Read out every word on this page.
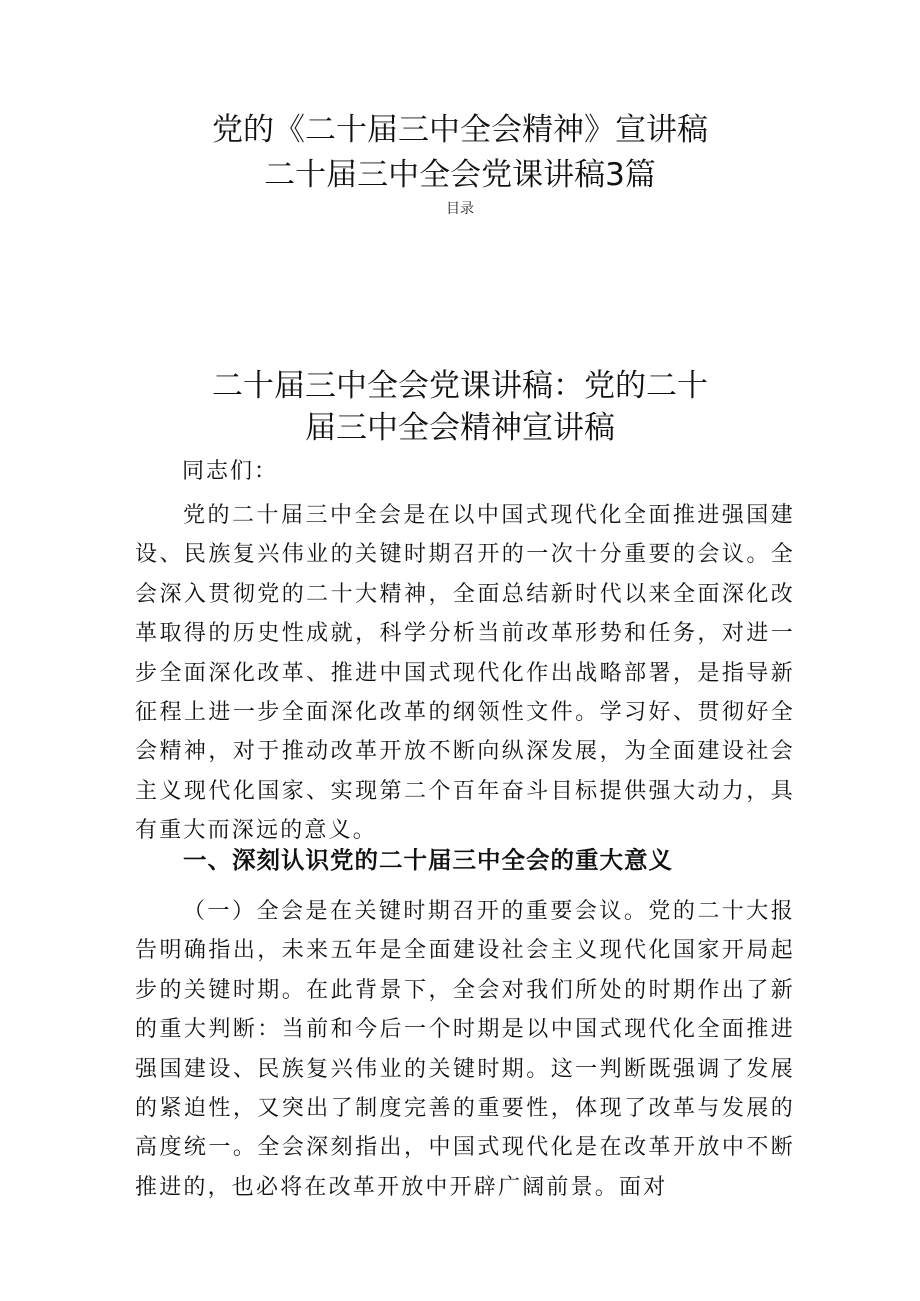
党的《二十届三中全会精神》宣讲稿
二十届三中全会党课讲稿3篇
目录
二十届三中全会党课讲稿：党的二十
届三中全会精神宣讲稿
同志们：
党的二十届三中全会是在以中国式现代化全面推进强国建设、民族复兴伟业的关键时期召开的一次十分重要的会议。全会深入贯彻党的二十大精神，全面总结新时代以来全面深化改革取得的历史性成就，科学分析当前改革形势和任务，对进一步全面深化改革、推进中国式现代化作出战略部署，是指导新征程上进一步全面深化改革的纲领性文件。学习好、贯彻好全会精神，对于推动改革开放不断向纵深发展，为全面建设社会主义现代化国家、实现第二个百年奋斗目标提供强大动力，具有重大而深远的意义。
一、深刻认识党的二十届三中全会的重大意义
（一）全会是在关键时期召开的重要会议。党的二十大报告明确指出，未来五年是全面建设社会主义现代化国家开局起步的关键时期。在此背景下，全会对我们所处的时期作出了新的重大判断：当前和今后一个时期是以中国式现代化全面推进强国建设、民族复兴伟业的关键时期。这一判断既强调了发展的紧迫性，又突出了制度完善的重要性，体现了改革与发展的高度统一。全会深刻指出，中国式现代化是在改革开放中不断推进的，也必将在改革开放中开辟广阔前景。面对
